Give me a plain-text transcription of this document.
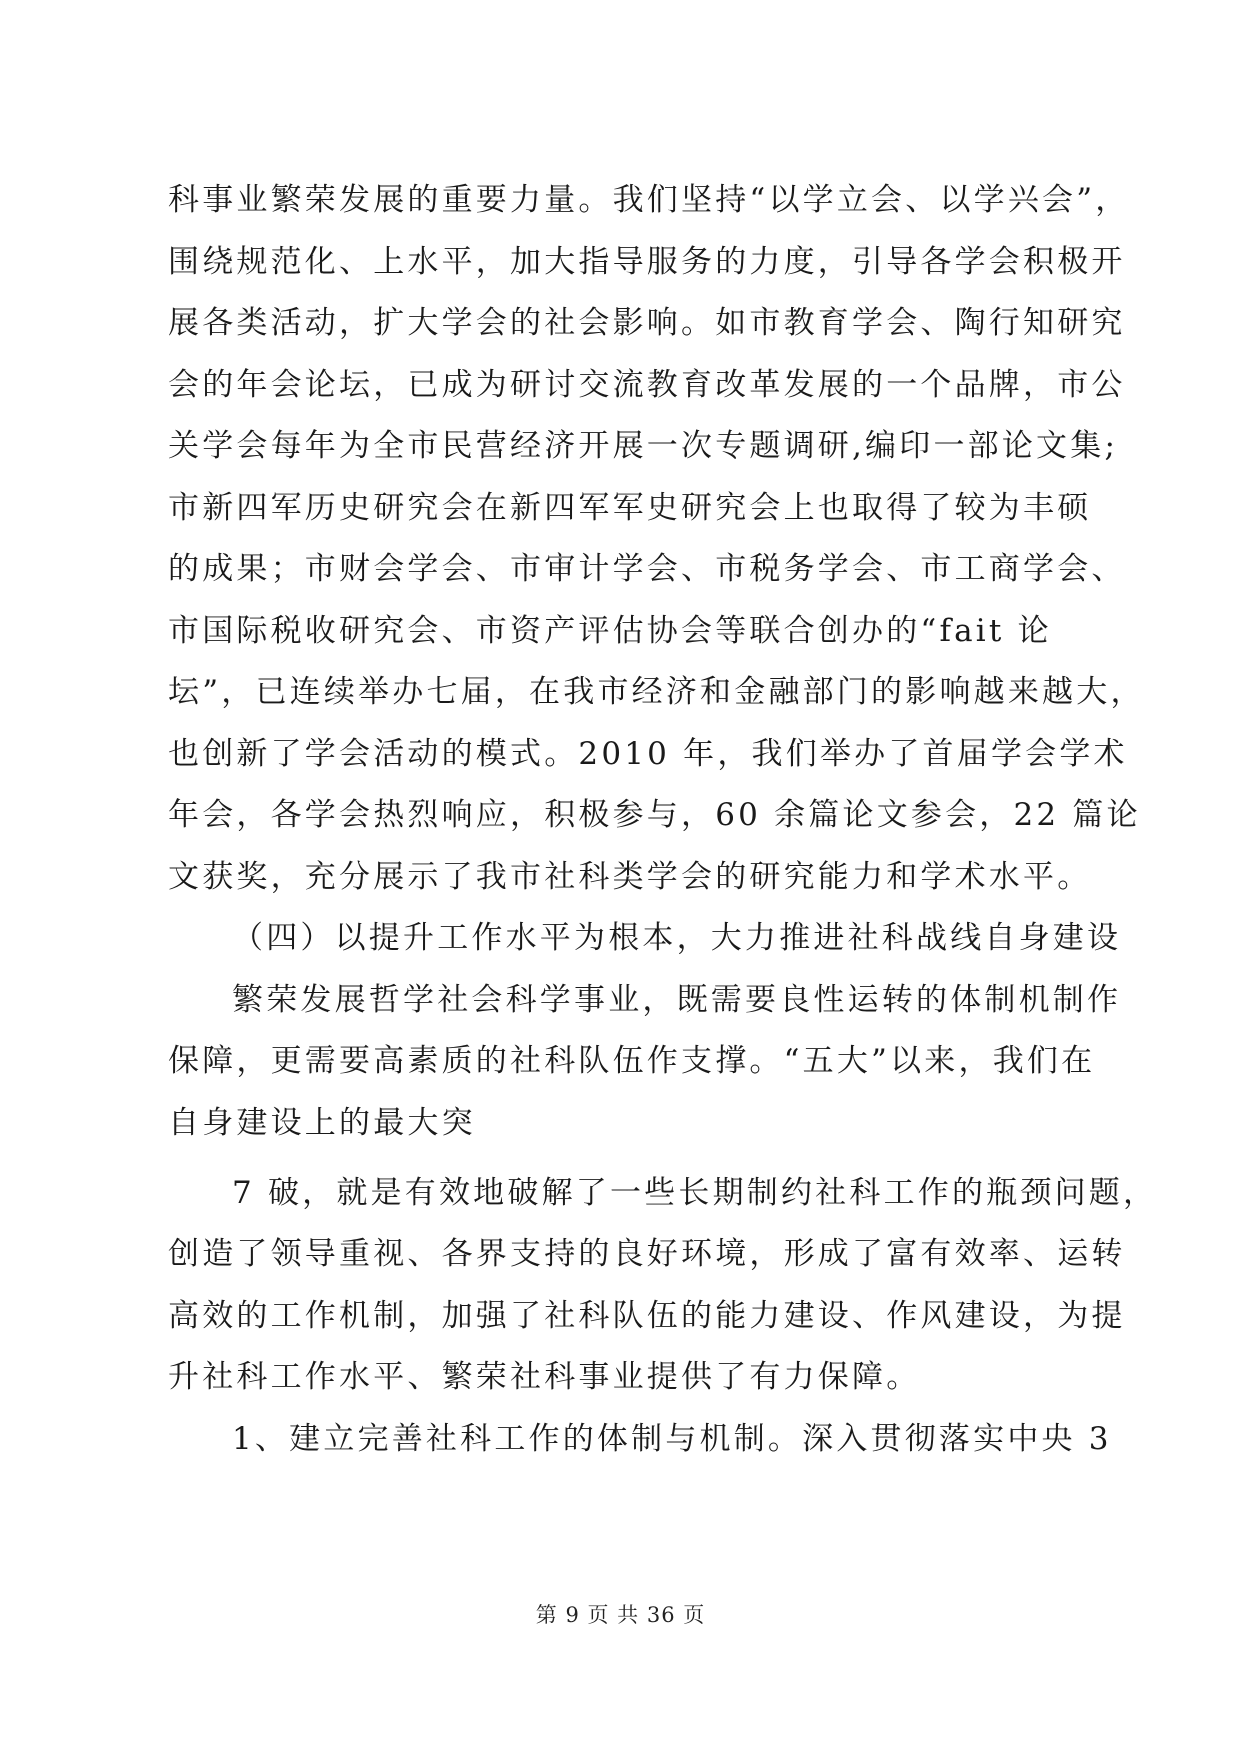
科事业繁荣发展的重要力量。我们坚持“以学立会、以学兴会”，
围绕规范化、上水平，加大指导服务的力度，引导各学会积极开
展各类活动，扩大学会的社会影响。如市教育学会、陶行知研究
会的年会论坛，已成为研讨交流教育改革发展的一个品牌，市公
关学会每年为全市民营经济开展一次专题调研,编印一部论文集;
市新四军历史研究会在新四军军史研究会上也取得了较为丰硕
的成果；市财会学会、市审计学会、市税务学会、市工商学会、
市国际税收研究会、市资产评估协会等联合创办的“fait 论
坛”，已连续举办七届，在我市经济和金融部门的影响越来越大，
也创新了学会活动的模式。2010 年，我们举办了首届学会学术
年会，各学会热烈响应，积极参与，60 余篇论文参会，22 篇论
文获奖，充分展示了我市社科类学会的研究能力和学术水平。
（四）以提升工作水平为根本，大力推进社科战线自身建设
繁荣发展哲学社会科学事业，既需要良性运转的体制机制作
保障，更需要高素质的社科队伍作支撑。“五大”以来，我们在
自身建设上的最大突
7 破，就是有效地破解了一些长期制约社科工作的瓶颈问题，
创造了领导重视、各界支持的良好环境，形成了富有效率、运转
高效的工作机制，加强了社科队伍的能力建设、作风建设，为提
升社科工作水平、繁荣社科事业提供了有力保障。
1、建立完善社科工作的体制与机制。深入贯彻落实中央 3
第 9 页 共 36 页
